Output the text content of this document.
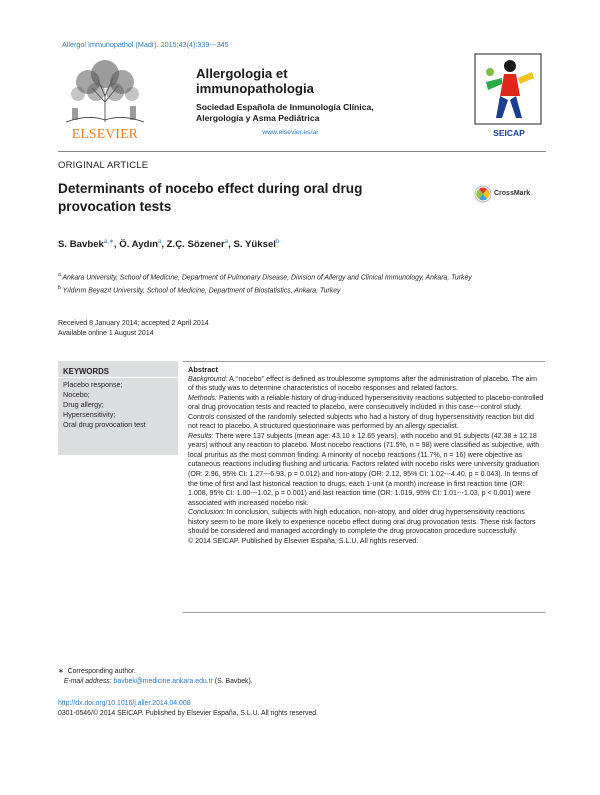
Allergol Immunopathol (Madr). 2015;43(4):339---345
ELSEVIER
Allergologia et
immunopathologia
Sociedad Española de Inmunología Clínica,
Alergología y Asma Pediátrica
www.elsevier.es/ai	SEICAP
ORIGINAL ARTICLE
Determinants of nocebo effect during oral drug provocation tests
CrossMark
S. Bavbek$^{a,∗}$, Ö. Aydın$^a$, Z.Ç. Sözener$^a$, S. Yüksel$^b$
$^a$ Ankara University, School of Medicine, Department of Pulmonary Disease, Division of Allergy and Clinical Immunology, Ankara, Turkey
$^b$ Yıldırım Beyazıt University, School of Medicine, Department of Biostatistics, Ankara, Turkey
Received 8 January 2014; accepted 2 April 2014
Available online 1 August 2014
KEYWORDS
Placebo response;
Nocebo;
Drug allergy;
Hypersensitivity;
Oral drug provocation test

Abstract

Background: A ‘‘nocebo’’ effect is defined as troublesome symptoms after the administration of placebo. The aim of this study was to determine characteristics of nocebo responses and related factors.

Methods: Patients with a reliable history of drug-induced hypersensitivity reactions subjected to placebo-controlled oral drug provocation tests and reacted to placebo, were consecutively included in this case---control study. Controls consisted of the randomly selected subjects who had a history of drug hypersensitivity reaction but did not react to placebo. A structured questionnaire was performed by an allergy specialist.

Results: There were 137 subjects (mean age: 43.10 ± 12.65 years), with nocebo and 91 subjects (42.38 ± 12.18 years) without any reaction to placebo. Most nocebo reactions (71.5%, n = 98) were classified as subjective, with local pruritus as the most common finding. A minority of nocebo reactions (11.7%, n = 16) were objective as cutaneous reactions including flushing and urticaria. Factors related with nocebo risks were university graduation (OR: 2.96, 95% CI: 1.27---6.93, p = 0.012) and non-atopy (OR: 2.12, 95% CI: 1.02---4.40, p = 0.043). In terms of the time of first and last historical reaction to drugs, each 1-unit (a month) increase in first reaction time (OR: 1.008, 95% CI: 1.00---1.02, p = 0.001) and last reaction time (OR: 1.019, 95% CI: 1.01---1.03, p < 0.001) were associated with increased nocebo risk.

Conclusion: In conclusion, subjects with high education, non-atopy, and older drug hypersensitivity reactions history seem to be more likely to experience nocebo effect during oral drug provocation tests. These risk factors should be considered and managed accordingly to complete the drug provocation procedure successfully.

© 2014 SEICAP. Published by Elsevier España, S.L.U. All rights reserved.

∗ Corresponding author.
E-mail address: bavbek@medicine.ankara.edu.tr (S. Bavbek).
http://dx.doi.org/10.1016/j.aller.2014.04.008
0301-0546/© 2014 SEICAP. Published by Elsevier España, S.L.U. All rights reserved.
